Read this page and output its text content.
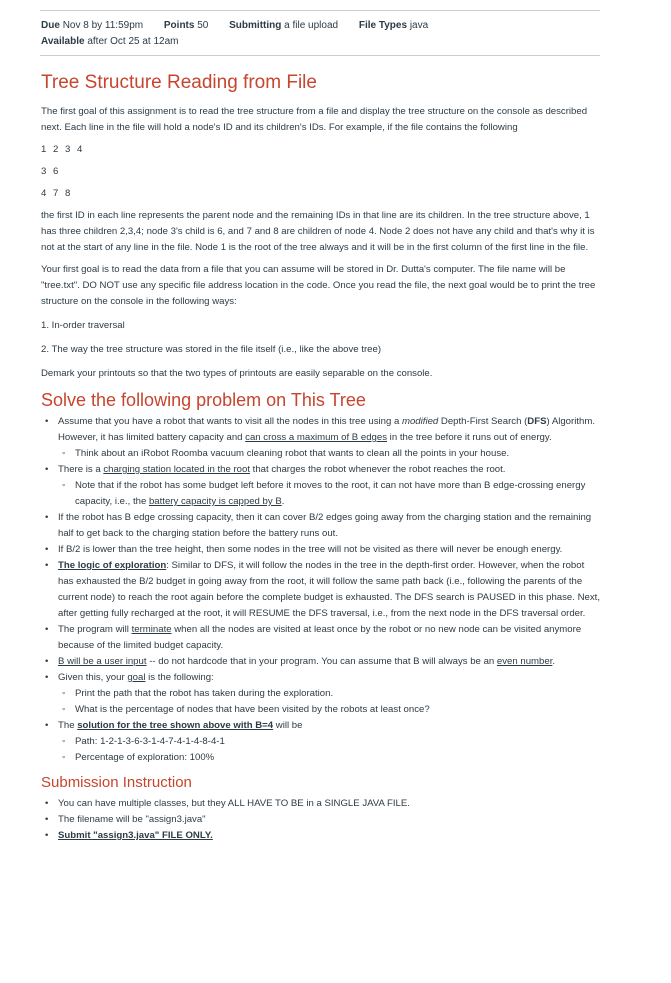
Due Nov 8 by 11:59pm Points 50 Submitting a file upload File Types java
Available after Oct 25 at 12am
Tree Structure Reading from File

The first goal of this assignment is to read the tree structure from a file and display the tree structure on the console as described next. Each line in the file will hold a node's ID and its children's IDs. For example, if the file contains the following

1 2 3 4

3 6

4 7 8

the first ID in each line represents the parent node and the remaining IDs in that line are its children. In the tree structure above, 1 has three children 2,3,4; node 3's child is 6, and 7 and 8 are children of node 4. Node 2 does not have any child and that's why it is not at the start of any line in the file. Node 1 is the root of the tree always and it will be in the first column of the first line in the file.

Your first goal is to read the data from a file that you can assume will be stored in Dr. Dutta's computer. The file name will be "tree.txt". DO NOT use any specific file address location in the code. Once you read the file, the next goal would be to print the tree structure on the console in the following ways:

1. In-order traversal

2. The way the tree structure was stored in the file itself (i.e., like the above tree)

Demark your printouts so that the two types of printouts are easily separable on the console.

Solve the following problem on This Tree
• Assume that you have a robot that wants to visit all the nodes in this tree using a modified Depth-First Search (DFS) Algorithm. However, it has limited battery capacity and can cross a maximum of B edges in the tree before it runs out of energy.
◦ Think about an iRobot Roomba vacuum cleaning robot that wants to clean all the points in your house.
• There is a charging station located in the root that charges the robot whenever the robot reaches the root.
◦ Note that if the robot has some budget left before it moves to the root, it can not have more than B edge-crossing energy capacity, i.e., the battery capacity is capped by B.
• If the robot has B edge crossing capacity, then it can cover B/2 edges going away from the charging station and the remaining half to get back to the charging station before the battery runs out.
• If B/2 is lower than the tree height, then some nodes in the tree will not be visited as there will never be enough energy.
• The logic of exploration: Similar to DFS, it will follow the nodes in the tree in the depth-first order. However, when the robot has exhausted the B/2 budget in going away from the root, it will follow the same path back (i.e., following the parents of the current node) to reach the root again before the complete budget is exhausted. The DFS search is PAUSED in this phase. Next, after getting fully recharged at the root, it will RESUME the DFS traversal, i.e., from the next node in the DFS traversal order.
• The program will terminate when all the nodes are visited at least once by the robot or no new node can be visited anymore because of the limited budget capacity.
• B will be a user input -- do not hardcode that in your program. You can assume that B will always be an even number.
• Given this, your goal is the following:
◦ Print the path that the robot has taken during the exploration.
◦ What is the percentage of nodes that have been visited by the robots at least once?
• The solution for the tree shown above with B=4 will be
◦ Path: 1-2-1-3-6-3-1-4-7-4-1-4-8-4-1
◦ Percentage of exploration: 100%
Submission Instruction
• You can have multiple classes, but they ALL HAVE TO BE in a SINGLE JAVA FILE.
• The filename will be "assign3.java"
• Submit "assign3.java" FILE ONLY.
